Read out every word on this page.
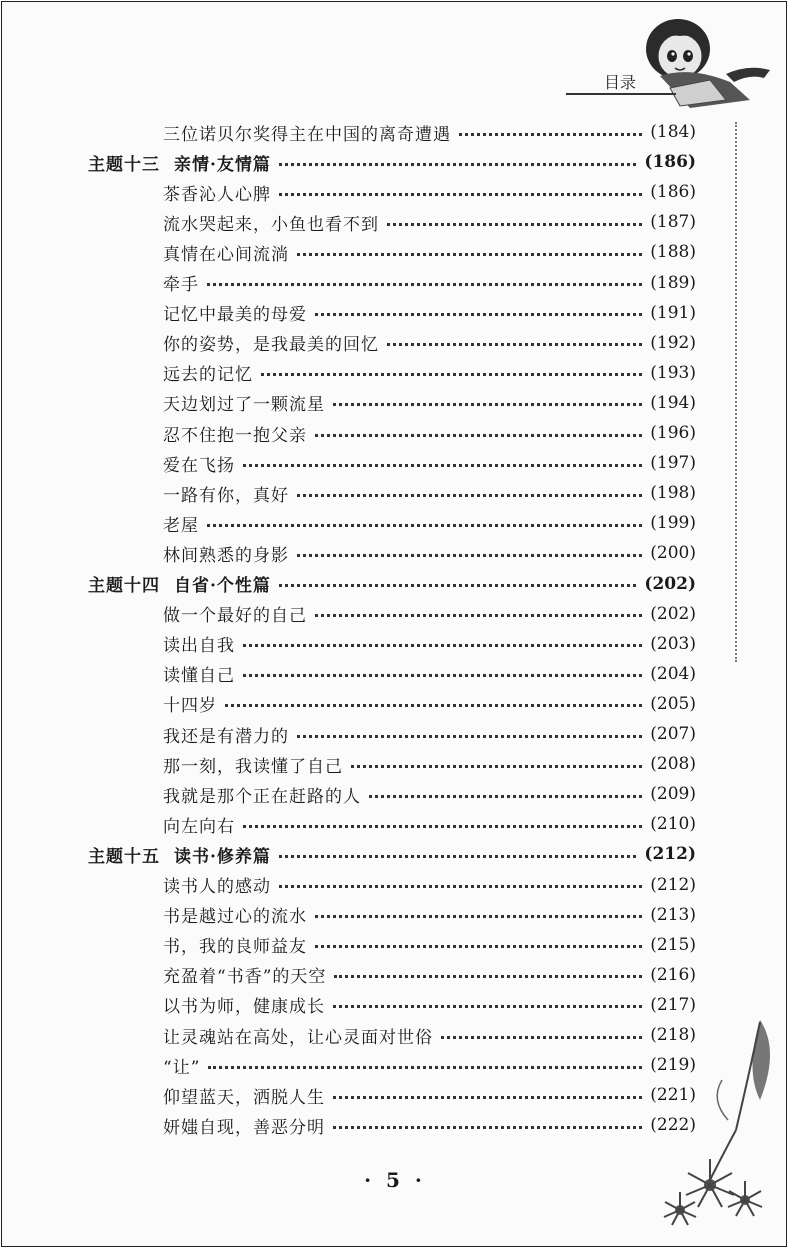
目录
三位诺贝尔奖得主在中国的离奇遭遇	(184)
主题十三 亲情·友情篇	(186)
茶香沁人心脾	(186)
流水哭起来，小鱼也看不到	(187)
真情在心间流淌	(188)
牵手	(189)
记忆中最美的母爱	(191)
你的姿势，是我最美的回忆	(192)
远去的记忆	(193)
天边划过了一颗流星	(194)
忍不住抱一抱父亲	(196)
爱在飞扬	(197)
一路有你，真好	(198)
老屋	(199)
林间熟悉的身影	(200)
主题十四 自省·个性篇	(202)
做一个最好的自己	(202)
读出自我	(203)
读懂自己	(204)
十四岁	(205)
我还是有潜力的	(207)
那一刻，我读懂了自己	(208)
我就是那个正在赶路的人	(209)
向左向右	(210)
主题十五 读书·修养篇	(212)
读书人的感动	(212)
书是越过心的流水	(213)
书，我的良师益友	(215)
充盈着“书香”的天空	(216)
以书为师，健康成长	(217)
让灵魂站在高处，让心灵面对世俗	(218)
“让”	(219)
仰望蓝天，洒脱人生	(221)
妍媸自现，善恶分明	(222)
· 5 ·
